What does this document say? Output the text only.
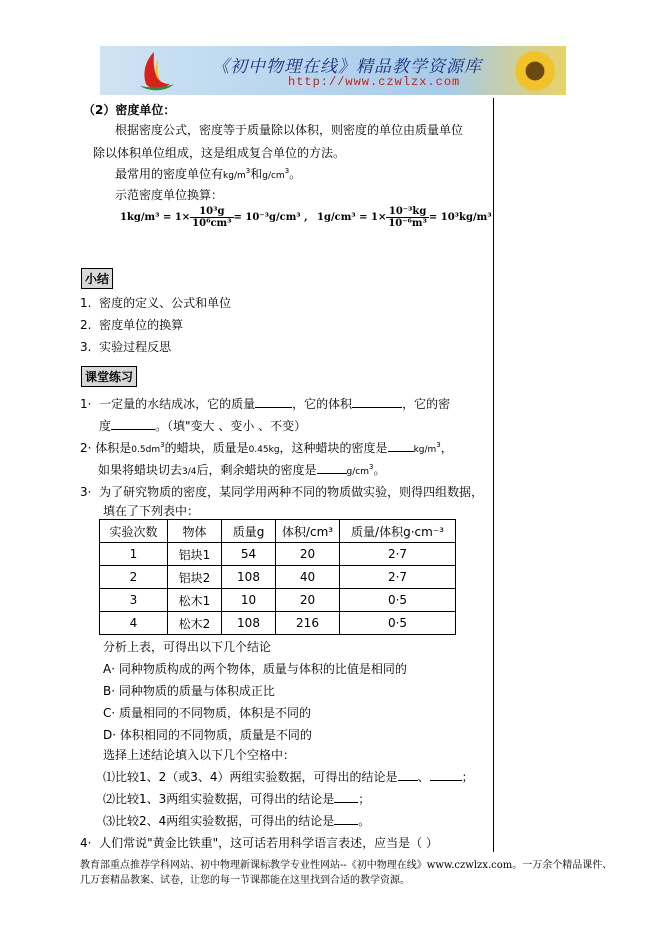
《初中物理在线》精品教学资源库
http://www.czwlzx.com
（2）密度单位：
根据密度公式，密度等于质量除以体积，则密度的单位由质量单位
除以体积单位组成，这是组成复合单位的方法。
最常用的密度单位有$kg/m^3$和$g/cm^3$。
示范密度单位换算：
$1kg/m^3 = 1\times \frac{\text{10³g}}{\text{10⁶cm³}} = 10^{-3}g/cm^3$ , $1g/cm^3 = 1\times \frac{\text{10⁻³kg}}{\text{10⁻⁶m³}} = 10^3kg/m^3$
小结
1. 密度的定义、公式和单位
2. 密度单位的换算
3. 实验过程反思
课堂练习
1· 一定量的水结成冰，它的质量	，它的体积	，它的密
度	。（填"变大 、变小 、不变）
2· 体积是$0.5dm^3$的蜡块，质量是0.45kg，这种蜡块的密度是	$kg/m^3$，
如果将蜡块切去3/4后，剩余蜡块的密度是	$g/cm^3$。
3· 为了研究物质的密度，某同学用两种不同的物质做实验，则得四组数据，
填在了下列表中：
实验次数	物体	质量g	体积/cm³	质量/体积g·cm⁻³
1	铝块1	54	20	2·7
2	铝块2	108	40	2·7
3	松木1	10	20	0·5
4	松木2	108	216	0·5
分析上表，可得出以下几个结论
A· 同种物质构成的两个物体，质量与体积的比值是相同的
B· 同种物质的质量与体积成正比
C· 质量相同的不同物质，体积是不同的
D· 体积相同的不同物质，质量是不同的
选择上述结论填入以下几个空格中：
⑴比较1、2（或3、4）两组实验数据，可得出的结论是 、	；
⑵比较1、3两组实验数据，可得出的结论是 ；
⑶比较2、4两组实验数据，可得出的结论是 。
4· 人们常说"黄金比铁重"，这可话若用科学语言表述，应当是（ ）
教育部重点推荐学科网站、初中物理新课标教学专业性网站--《初中物理在线》www.czwlzx.com。一万余个精品课件、
几万套精品教案、试卷，让您的每一节课都能在这里找到合适的教学资源。
